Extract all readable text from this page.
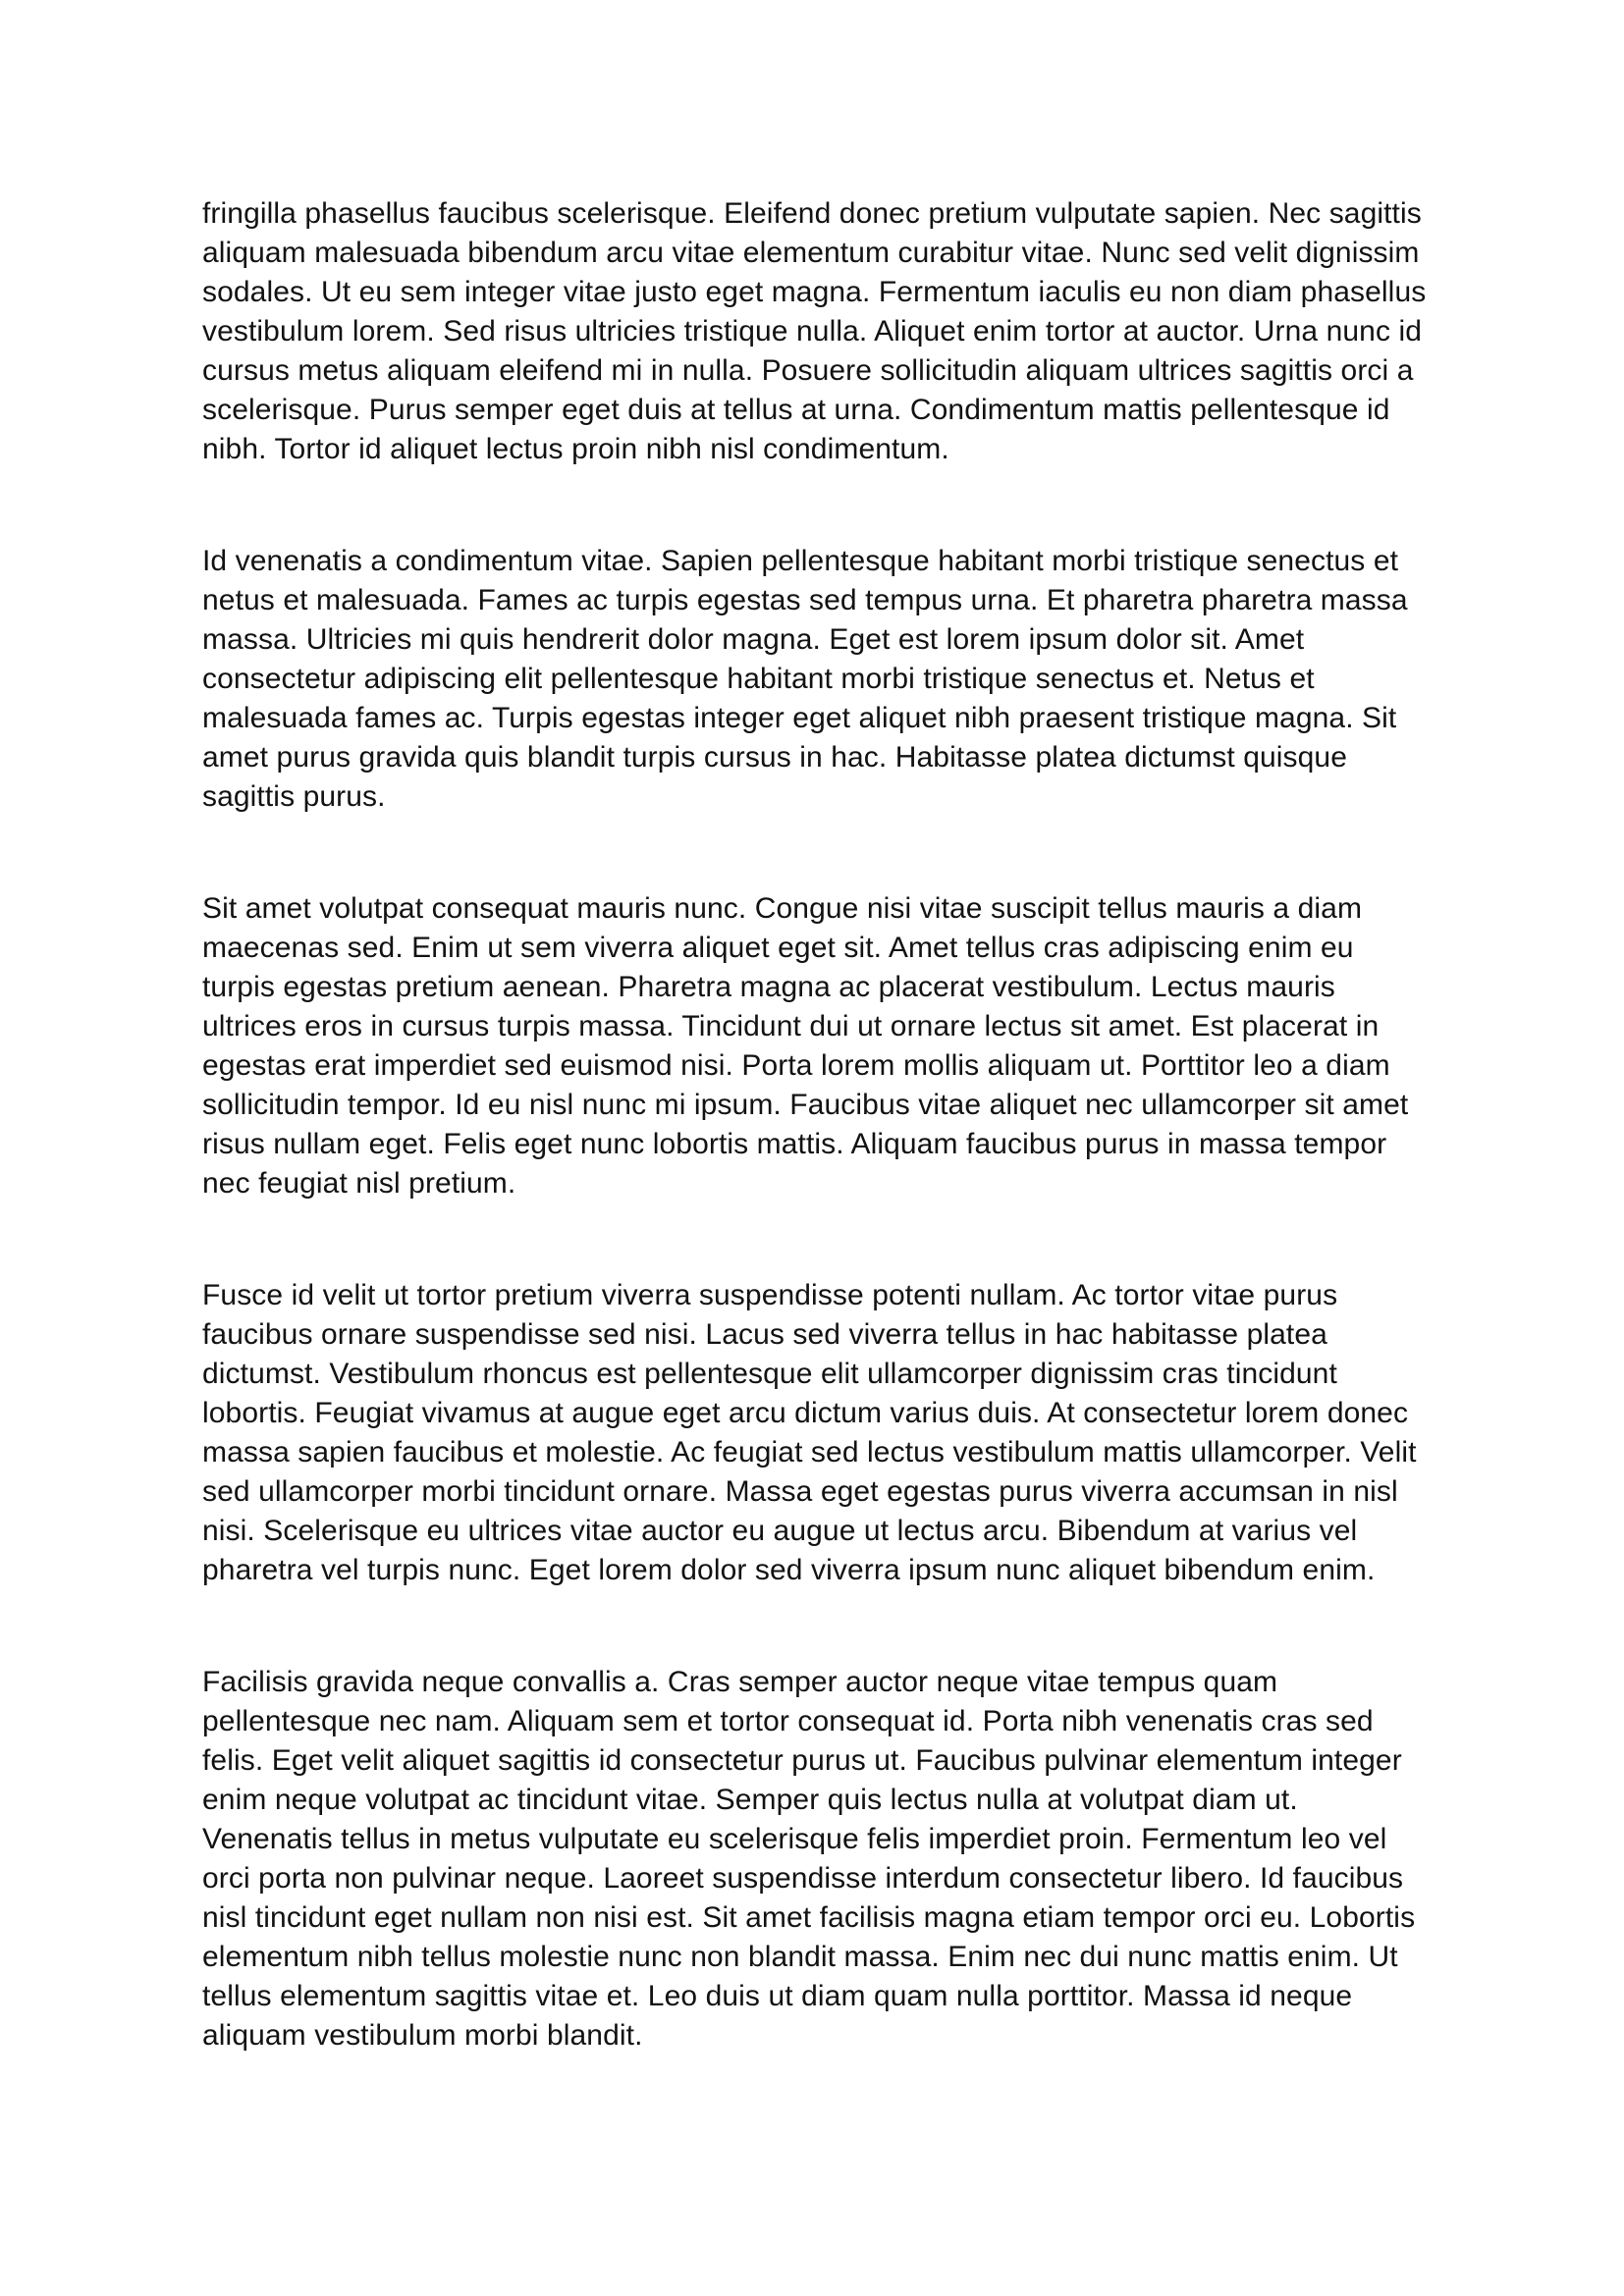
fringilla phasellus faucibus scelerisque. Eleifend donec pretium vulputate sapien. Nec sagittis aliquam malesuada bibendum arcu vitae elementum curabitur vitae. Nunc sed velit dignissim sodales. Ut eu sem integer vitae justo eget magna. Fermentum iaculis eu non diam phasellus vestibulum lorem. Sed risus ultricies tristique nulla. Aliquet enim tortor at auctor. Urna nunc id cursus metus aliquam eleifend mi in nulla. Posuere sollicitudin aliquam ultrices sagittis orci a scelerisque. Purus semper eget duis at tellus at urna. Condimentum mattis pellentesque id nibh. Tortor id aliquet lectus proin nibh nisl condimentum.

Id venenatis a condimentum vitae. Sapien pellentesque habitant morbi tristique senectus et netus et malesuada. Fames ac turpis egestas sed tempus urna. Et pharetra pharetra massa massa. Ultricies mi quis hendrerit dolor magna. Eget est lorem ipsum dolor sit. Amet consectetur adipiscing elit pellentesque habitant morbi tristique senectus et. Netus et malesuada fames ac. Turpis egestas integer eget aliquet nibh praesent tristique magna. Sit amet purus gravida quis blandit turpis cursus in hac. Habitasse platea dictumst quisque sagittis purus.

Sit amet volutpat consequat mauris nunc. Congue nisi vitae suscipit tellus mauris a diam maecenas sed. Enim ut sem viverra aliquet eget sit. Amet tellus cras adipiscing enim eu turpis egestas pretium aenean. Pharetra magna ac placerat vestibulum. Lectus mauris ultrices eros in cursus turpis massa. Tincidunt dui ut ornare lectus sit amet. Est placerat in egestas erat imperdiet sed euismod nisi. Porta lorem mollis aliquam ut. Porttitor leo a diam sollicitudin tempor. Id eu nisl nunc mi ipsum. Faucibus vitae aliquet nec ullamcorper sit amet risus nullam eget. Felis eget nunc lobortis mattis. Aliquam faucibus purus in massa tempor nec feugiat nisl pretium.

Fusce id velit ut tortor pretium viverra suspendisse potenti nullam. Ac tortor vitae purus faucibus ornare suspendisse sed nisi. Lacus sed viverra tellus in hac habitasse platea dictumst. Vestibulum rhoncus est pellentesque elit ullamcorper dignissim cras tincidunt lobortis. Feugiat vivamus at augue eget arcu dictum varius duis. At consectetur lorem donec massa sapien faucibus et molestie. Ac feugiat sed lectus vestibulum mattis ullamcorper. Velit sed ullamcorper morbi tincidunt ornare. Massa eget egestas purus viverra accumsan in nisl nisi. Scelerisque eu ultrices vitae auctor eu augue ut lectus arcu. Bibendum at varius vel pharetra vel turpis nunc. Eget lorem dolor sed viverra ipsum nunc aliquet bibendum enim.

Facilisis gravida neque convallis a. Cras semper auctor neque vitae tempus quam pellentesque nec nam. Aliquam sem et tortor consequat id. Porta nibh venenatis cras sed felis. Eget velit aliquet sagittis id consectetur purus ut. Faucibus pulvinar elementum integer enim neque volutpat ac tincidunt vitae. Semper quis lectus nulla at volutpat diam ut. Venenatis tellus in metus vulputate eu scelerisque felis imperdiet proin. Fermentum leo vel orci porta non pulvinar neque. Laoreet suspendisse interdum consectetur libero. Id faucibus nisl tincidunt eget nullam non nisi est. Sit amet facilisis magna etiam tempor orci eu. Lobortis elementum nibh tellus molestie nunc non blandit massa. Enim nec dui nunc mattis enim. Ut tellus elementum sagittis vitae et. Leo duis ut diam quam nulla porttitor. Massa id neque aliquam vestibulum morbi blandit.
